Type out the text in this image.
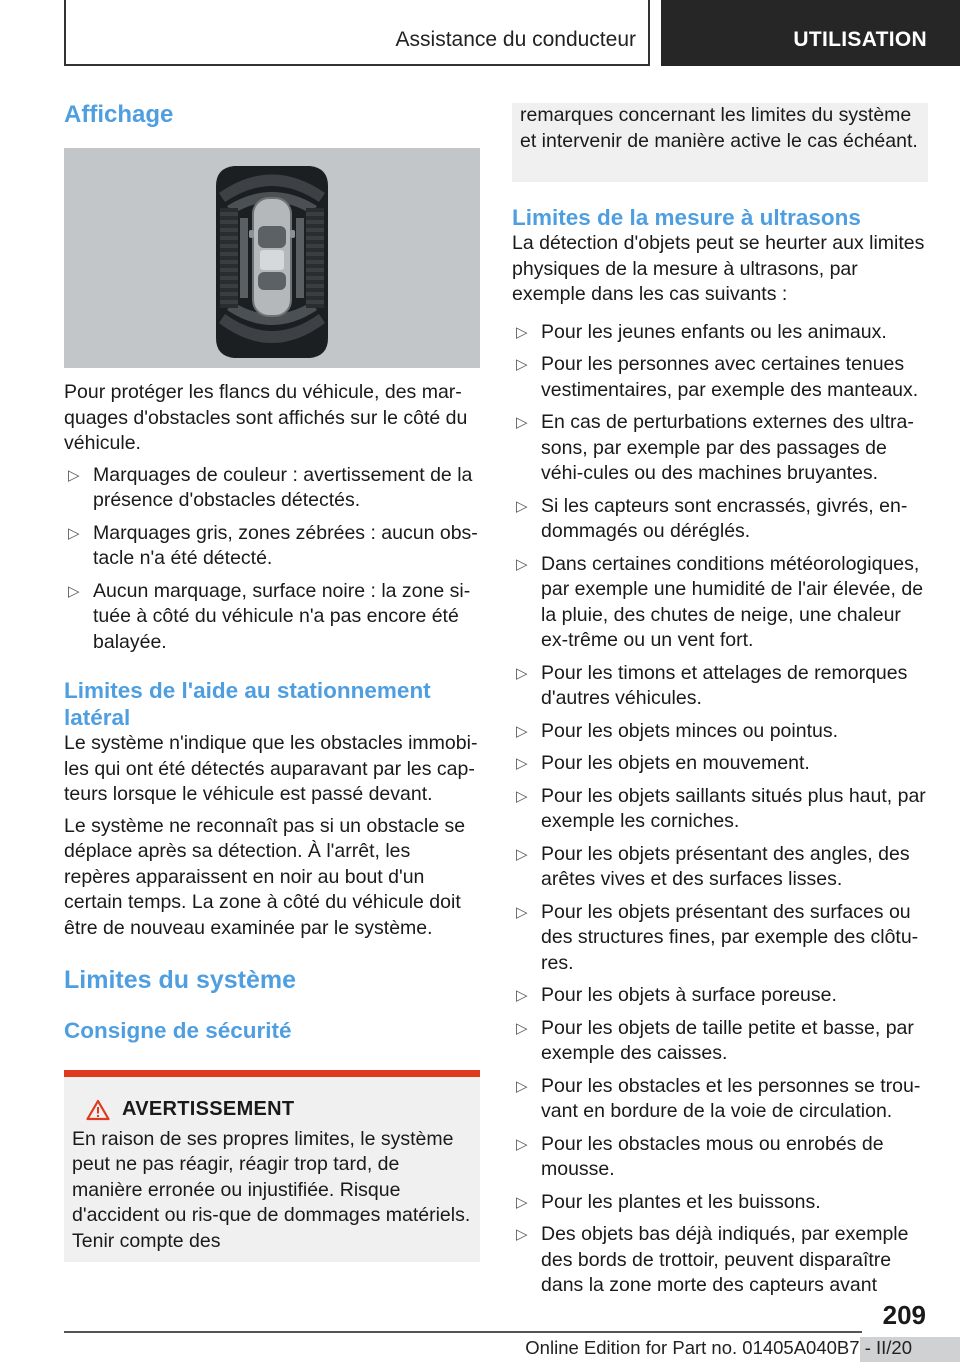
Assistance du conducteur	UTILISATION
Affichage

Pour protéger les flancs du véhicule, des mar-quages d'obstacles sont affichés sur le côté du véhicule.

▷ Marquages de couleur : avertissement de la présence d'obstacles détectés.
▷ Marquages gris, zones zébrées : aucun obs-tacle n'a été détecté.
▷ Aucun marquage, surface noire : la zone si-tuée à côté du véhicule n'a pas encore été balayée.
Limites de l'aide au stationnement latéral

Le système n'indique que les obstacles immobi-les qui ont été détectés auparavant par les cap-teurs lorsque le véhicule est passé devant.

Le système ne reconnaît pas si un obstacle se déplace après sa détection. À l'arrêt, les repères apparaissent en noir au bout d'un certain temps. La zone à côté du véhicule doit être de nouveau examinée par le système.

Limites du système
Consigne de sécurité
AVERTISSEMENT

En raison de ses propres limites, le système peut ne pas réagir, réagir trop tard, de manière erronée ou injustifiée. Risque d'accident ou ris-que de dommages matériels. Tenir compte des

remarques concernant les limites du système et intervenir de manière active le cas échéant.

Limites de la mesure à ultrasons

La détection d'objets peut se heurter aux limites physiques de la mesure à ultrasons, par exemple dans les cas suivants :

▷ Pour les jeunes enfants ou les animaux.
▷ Pour les personnes avec certaines tenues vestimentaires, par exemple des manteaux.
▷ En cas de perturbations externes des ultra-sons, par exemple par des passages de véhi-cules ou des machines bruyantes.
▷ Si les capteurs sont encrassés, givrés, en-dommagés ou déréglés.
▷ Dans certaines conditions météorologiques, par exemple une humidité de l'air élevée, de la pluie, des chutes de neige, une chaleur ex-trême ou un vent fort.
▷ Pour les timons et attelages de remorques d'autres véhicules.
▷ Pour les objets minces ou pointus.
▷ Pour les objets en mouvement.
▷ Pour les objets saillants situés plus haut, par exemple les corniches.
▷ Pour les objets présentant des angles, des arêtes vives et des surfaces lisses.
▷ Pour les objets présentant des surfaces ou des structures fines, par exemple des clôtu-res.
▷ Pour les objets à surface poreuse.
▷ Pour les objets de taille petite et basse, par exemple des caisses.
▷ Pour les obstacles et les personnes se trou-vant en bordure de la voie de circulation.
▷ Pour les obstacles mous ou enrobés de mousse.
▷ Pour les plantes et les buissons.
▷ Des objets bas déjà indiqués, par exemple des bords de trottoir, peuvent disparaître dans la zone morte des capteurs avant
209
Online Edition for Part no. 01405A040B7 - II/20
